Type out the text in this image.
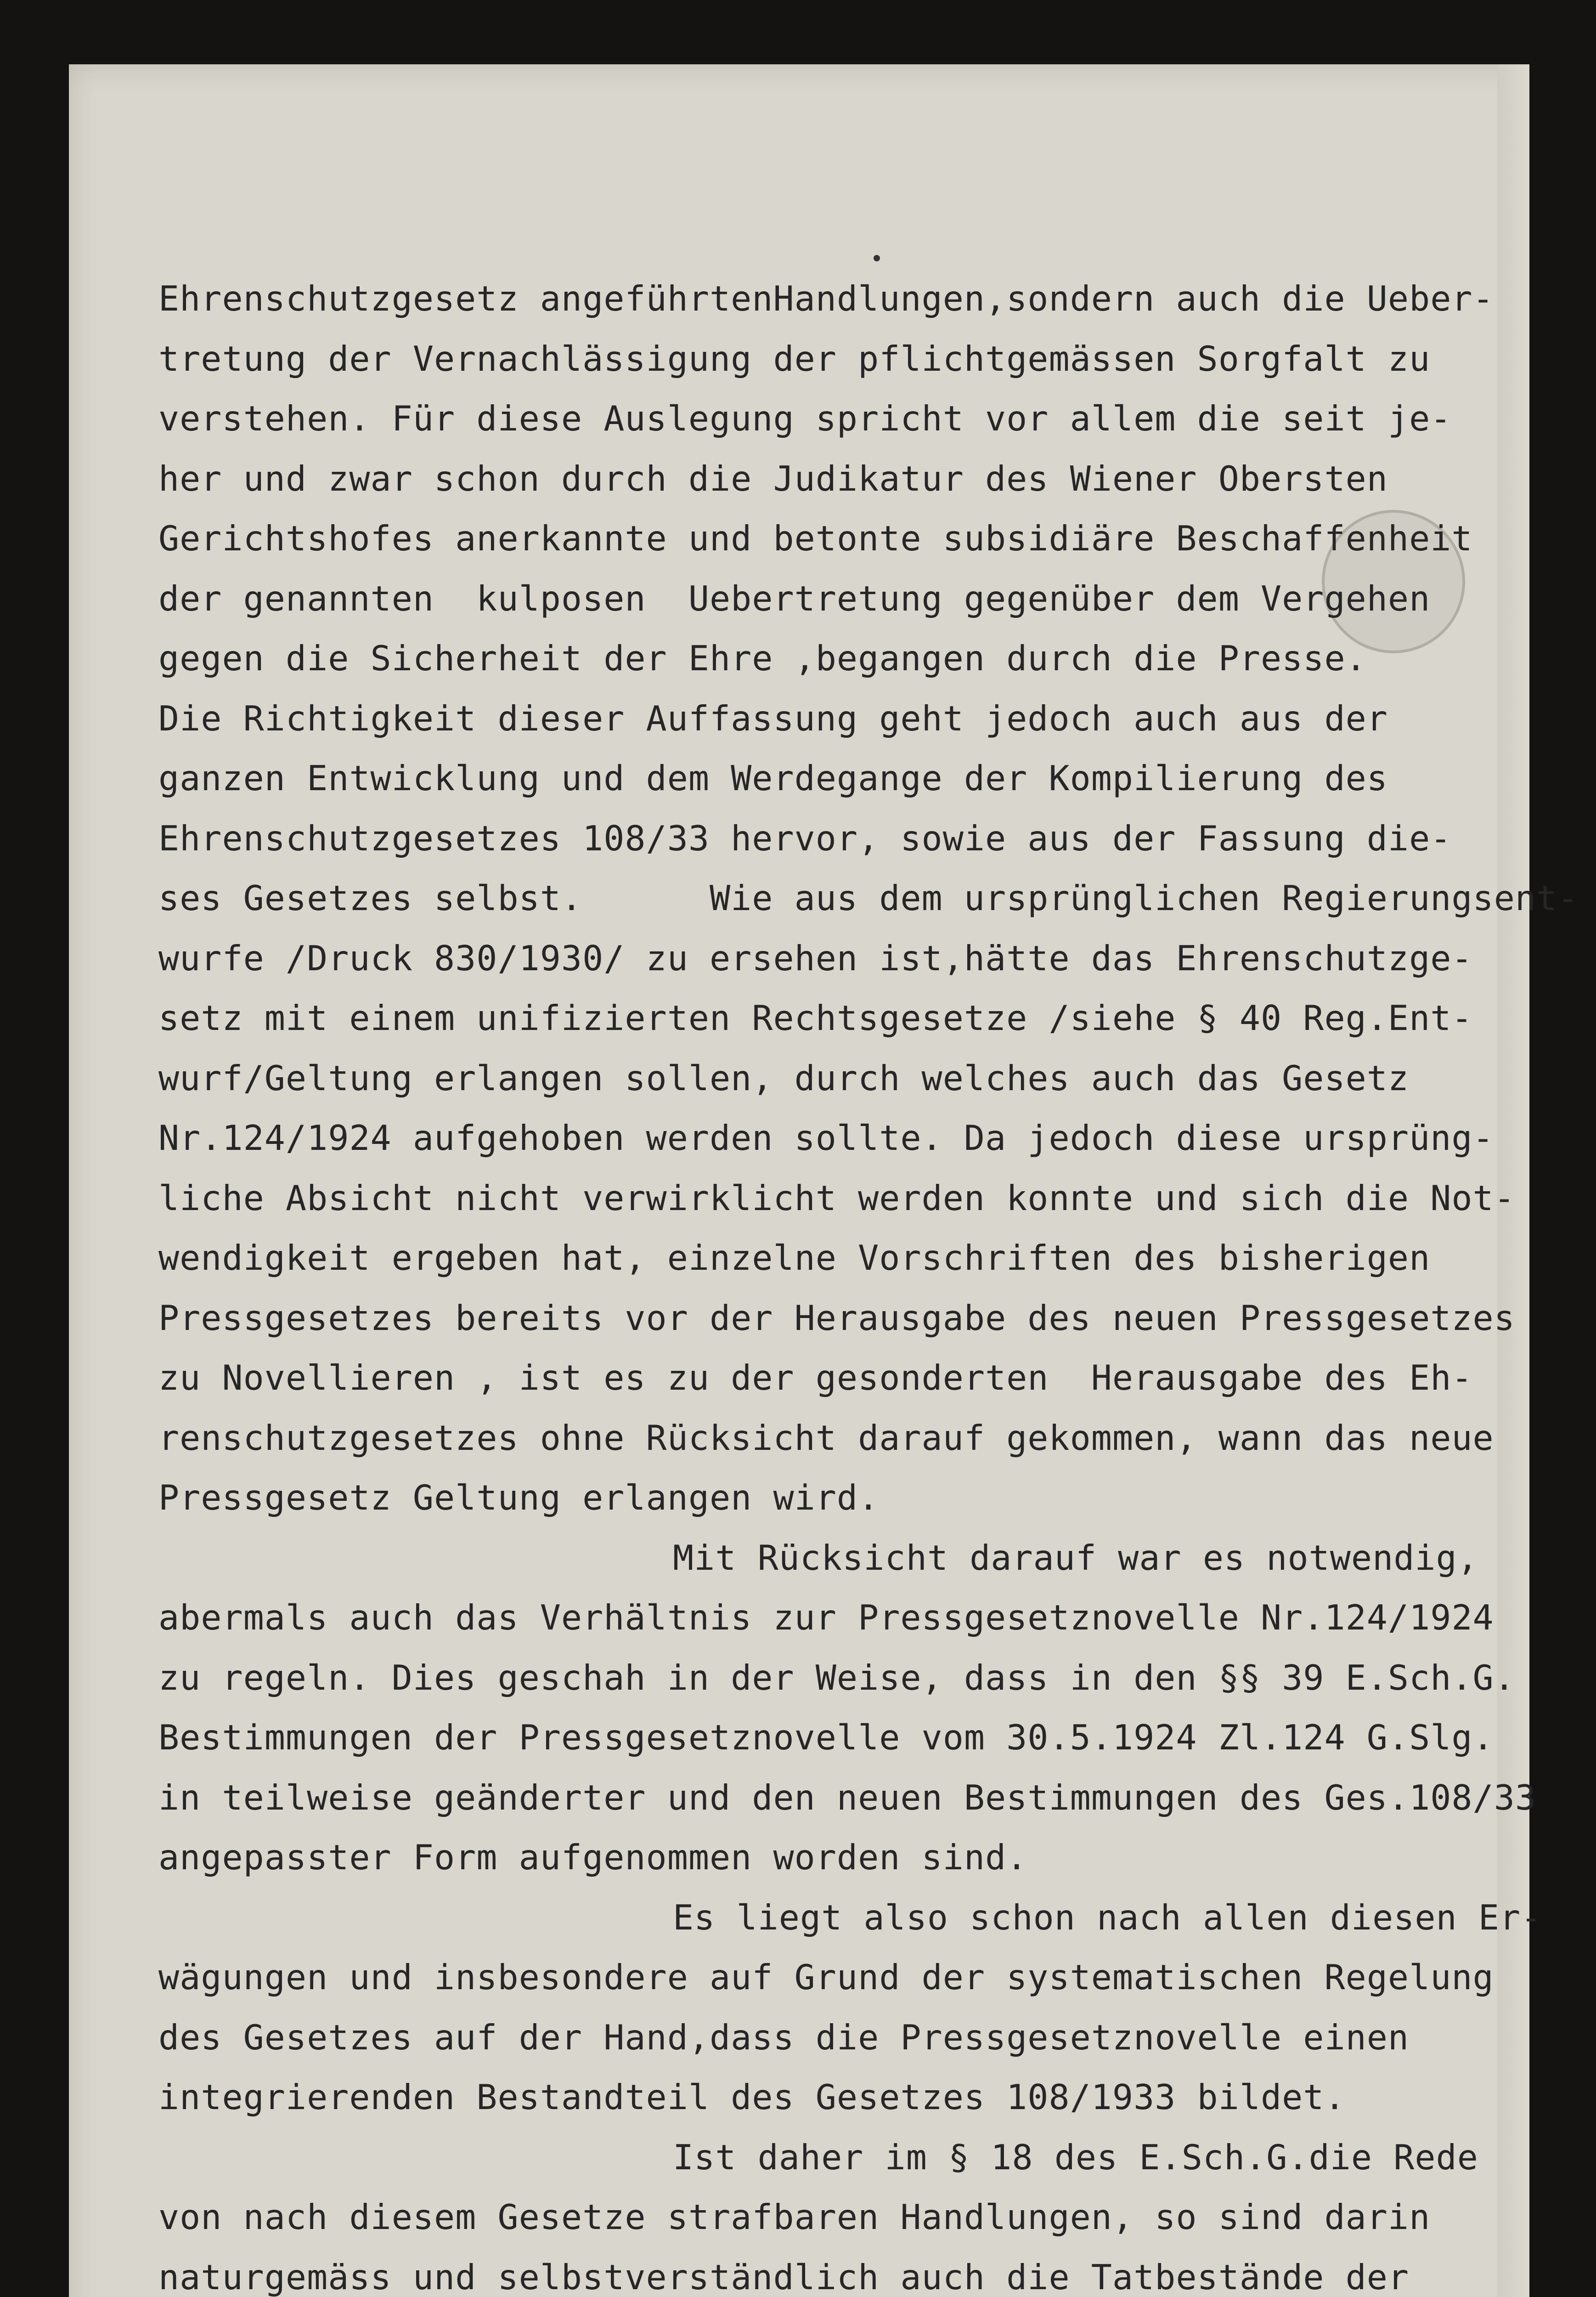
Ehrenschutzgesetz angeführtenHandlungen,sondern auch die Ueber-
tretung der Vernachlässigung der pflichtgemässen Sorgfalt zu
verstehen. Für diese Auslegung spricht vor allem die seit je-
her und zwar schon durch die Judikatur des Wiener Obersten
Gerichtshofes anerkannte und betonte subsidiäre Beschaffenheit
der genannten  kulposen  Uebertretung gegenüber dem Vergehen
gegen die Sicherheit der Ehre ,begangen durch die Presse.
Die Richtigkeit dieser Auffassung geht jedoch auch aus der
ganzen Entwicklung und dem Werdegange der Kompilierung des
Ehrenschutzgesetzes 108/33 hervor, sowie aus der Fassung die-
ses Gesetzes selbst.      Wie aus dem ursprünglichen Regierungsent-
wurfe /Druck 830/1930/ zu ersehen ist,hätte das Ehrenschutzge-
setz mit einem unifizierten Rechtsgesetze /siehe § 40 Reg.Ent-
wurf/Geltung erlangen sollen, durch welches auch das Gesetz
Nr.124/1924 aufgehoben werden sollte. Da jedoch diese ursprüng-
liche Absicht nicht verwirklicht werden konnte und sich die Not-
wendigkeit ergeben hat, einzelne Vorschriften des bisherigen
Pressgesetzes bereits vor der Herausgabe des neuen Pressgesetzes
zu Novellieren , ist es zu der gesonderten  Herausgabe des Eh-
renschutzgesetzes ohne Rücksicht darauf gekommen, wann das neue
Pressgesetz Geltung erlangen wird.
Mit Rücksicht darauf war es notwendig,
abermals auch das Verhältnis zur Pressgesetznovelle Nr.124/1924
zu regeln. Dies geschah in der Weise, dass in den §§ 39 E.Sch.G.
Bestimmungen der Pressgesetznovelle vom 30.5.1924 Zl.124 G.Slg.
in teilweise geänderter und den neuen Bestimmungen des Ges.108/33
angepasster Form aufgenommen worden sind.
Es liegt also schon nach allen diesen Er-
wägungen und insbesondere auf Grund der systematischen Regelung
des Gesetzes auf der Hand,dass die Pressgesetznovelle einen
integrierenden Bestandteil des Gesetzes 108/1933 bildet.
Ist daher im § 18 des E.Sch.G.die Rede
von nach diesem Gesetze strafbaren Handlungen, so sind darin
naturgemäss und selbstverständlich auch die Tatbestände der
